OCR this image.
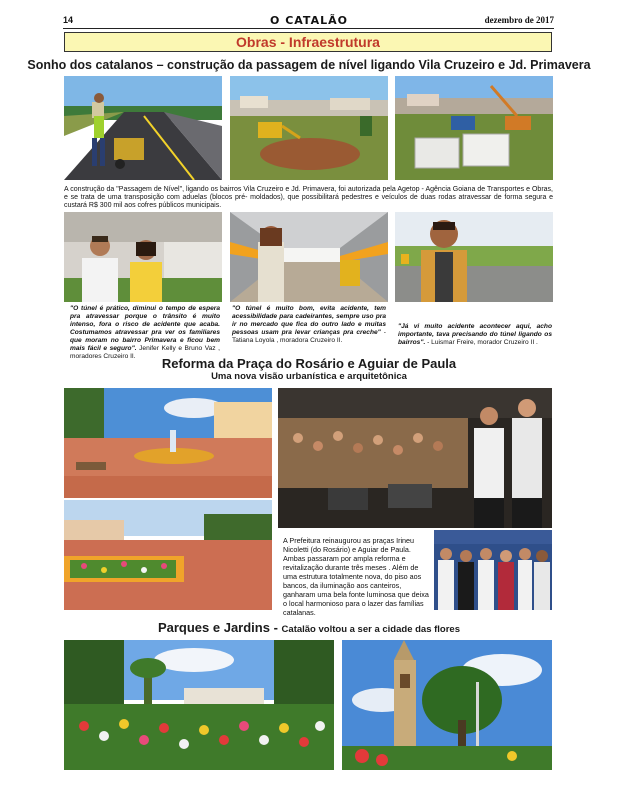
14	O CATALÃO	dezembro de 2017
Obras - Infraestrutura
Sonho dos catalanos – construção da passagem de nível ligando Vila Cruzeiro e Jd. Primavera
A construção da "Passagem de Nível", ligando os bairros Vila Cruzeiro e Jd. Primavera, foi autorizada pela Agetop - Agência Goiana de Transportes e Obras, e se trata de uma transposição com aduelas (blocos pré- moldados), que possibilitará pedestres e veículos de duas rodas atravessar de forma segura e custará R$ 300 mil aos cofres públicos municipais.
"O túnel é prático, diminui o tempo de espera pra atravessar porque o trânsito é muito intenso, fora o risco de acidente que acaba. Costumamos atravessar pra ver os familiares que moram no bairro Primavera e ficou bem mais fácil e seguro". Jenifer Kelly e Bruno Vaz , moradores Cruzeiro II.
"O túnel é muito bom, evita acidente, tem acessibilidade para cadeirantes, sempre uso pra ir no mercado que fica do outro lado e muitas pessoas usam pra levar crianças pra creche" -Tatiana Loyola , moradora Cruzeiro II.
"Já vi muito acidente acontecer aqui, acho importante, tava precisando do túnel ligando os bairros". - Luismar Freire, morador Cruzeiro II .
Reforma da Praça do Rosário e Aguiar de Paula
Uma nova visão urbanística e arquitetônica
A Prefeitura reinaugurou as praças Irineu Nicoletti (do Rosário) e Aguiar de Paula. Ambas passaram por ampla reforma e revitalização durante três meses . Além de uma estrutura totalmente nova, do piso aos bancos, da iluminação aos canteiros, ganharam uma bela fonte luminosa que deixa o local harmonioso para o lazer das famílias catalanas.
Parques e Jardins - Catalão voltou a ser a cidade das flores
